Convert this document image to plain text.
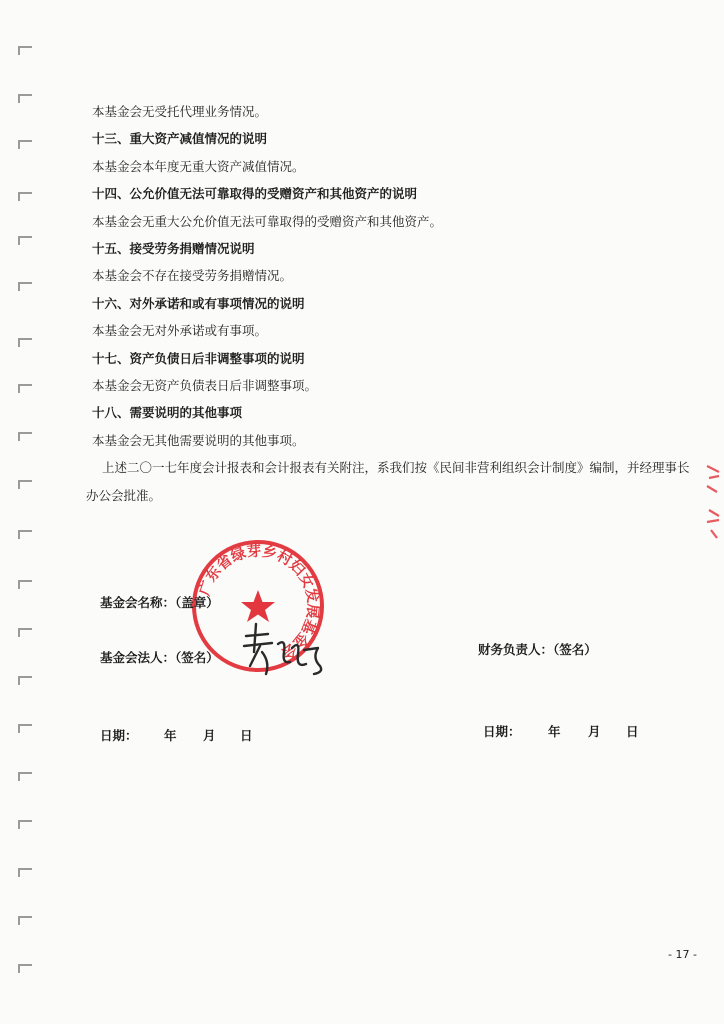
本基金会无受托代理业务情况。
十三、重大资产减值情况的说明
本基金会本年度无重大资产减值情况。
十四、公允价值无法可靠取得的受赠资产和其他资产的说明
本基金会无重大公允价值无法可靠取得的受赠资产和其他资产。
十五、接受劳务捐赠情况说明
本基金会不存在接受劳务捐赠情况。
十六、对外承诺和或有事项情况的说明
本基金会无对外承诺或有事项。
十七、资产负债日后非调整事项的说明
本基金会无资产负债表日后非调整事项。
十八、需要说明的其他事项
本基金会无其他需要说明的其他事项。
上述二〇一七年度会计报表和会计报表有关附注，系我们按《民间非营利组织会计制度》编制，并经理事长
办公会批准。
广东省绿芽乡村妇女发展基金会
基金会名称：（盖章）
基金会法人：（签名）
财务负责人：（签名）
日期： 年 月 日	日期： 年 月 日
- 17 -
